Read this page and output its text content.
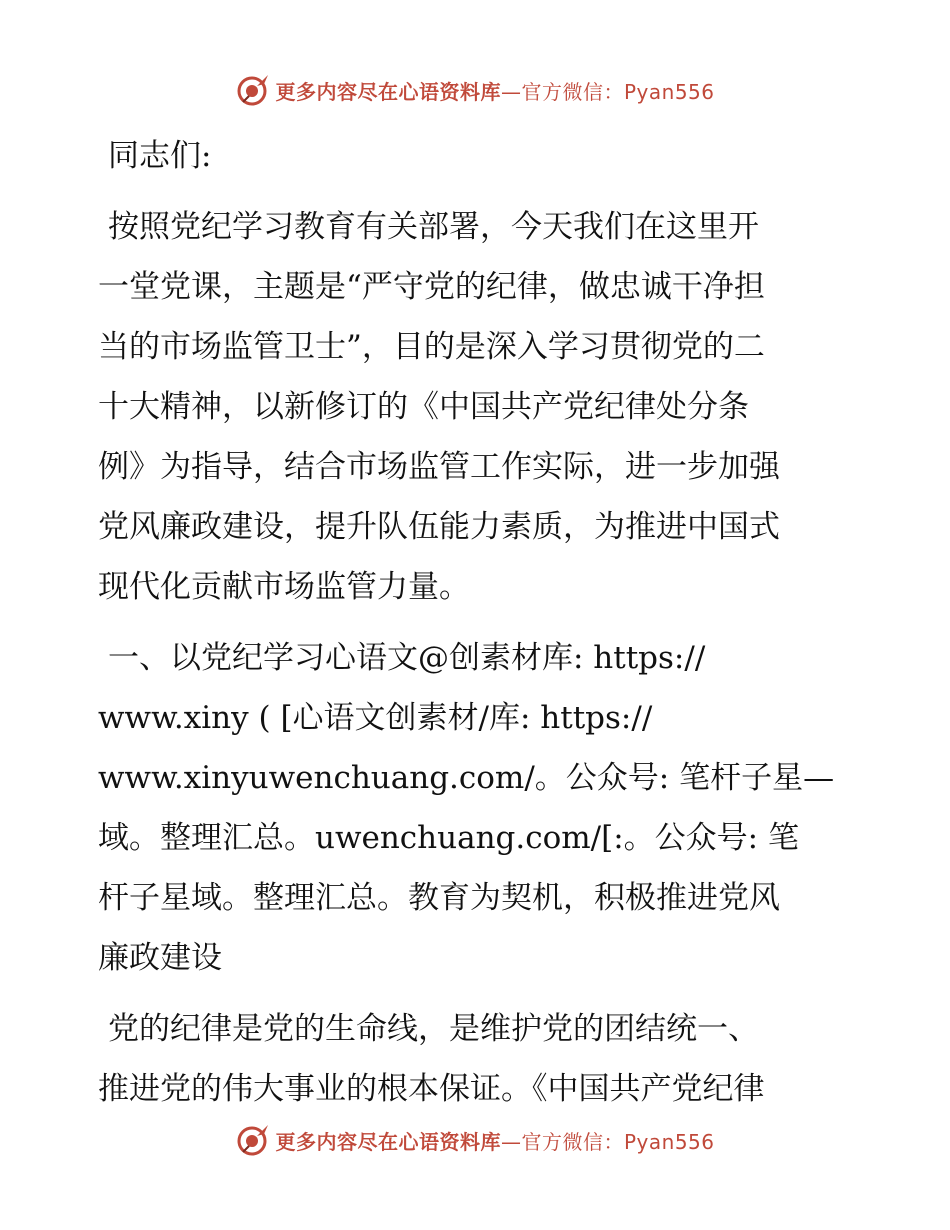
更多内容尽在心语资料库—官方微信：Pyan556

同志们:

按照党纪学习教育有关部署，今天我们在这里开
一堂党课，主题是“严守党的纪律，做忠诚干净担
当的市场监管卫士”，目的是深入学习贯彻党的二
十大精神，以新修订的《中国共产党纪律处分条
例》为指导，结合市场监管工作实际，进一步加强
党风廉政建设，提升队伍能力素质，为推进中国式
现代化贡献市场监管力量。

一、以党纪学习心语文@创素材库: https://
www.xiny ( [心语文创素材/库: https://
www.xinyuwenchuang.com/。公众号: 笔杆子星—
域。整理汇总。uwenchuang.com/[:。公众号: 笔
杆子星域。整理汇总。教育为契机，积极推进党风
廉政建设

党的纪律是党的生命线，是维护党的团结统一、
推进党的伟大事业的根本保证。《中国共产党纪律

更多内容尽在心语资料库—官方微信：Pyan556
